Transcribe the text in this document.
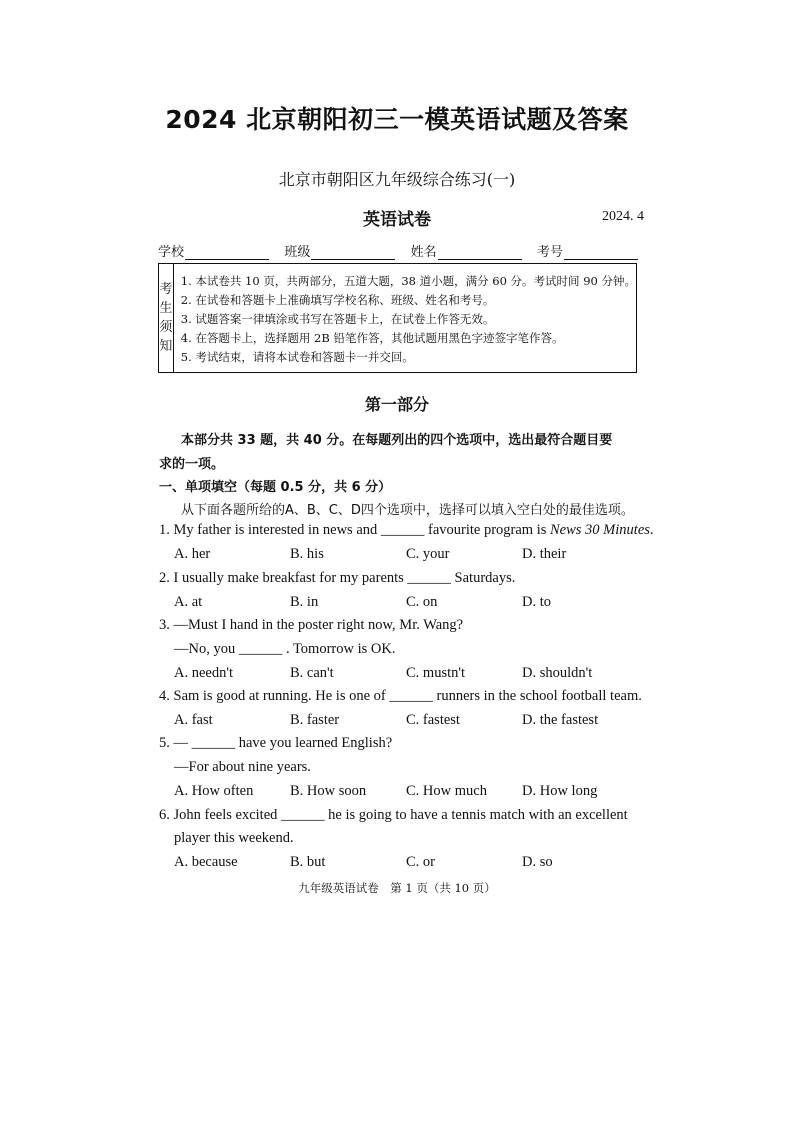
2024 北京朝阳初三一模英语试题及答案
北京市朝阳区九年级综合练习(一)
英语试卷	2024. 4
学校	班级	姓名	考号
考
生
须
知
1. 本试卷共 10 页，共两部分，五道大题，38 道小题，满分 60 分。考试时间 90 分钟。
2. 在试卷和答题卡上准确填写学校名称、班级、姓名和考号。
3. 试题答案一律填涂或书写在答题卡上，在试卷上作答无效。
4. 在答题卡上，选择题用 2B 铅笔作答，其他试题用黑色字迹签字笔作答。
5. 考试结束，请将本试卷和答题卡一并交回。
第一部分
本部分共 33 题，共 40 分。在每题列出的四个选项中，选出最符合题目要
求的一项。
一、单项填空（每题 0.5 分，共 6 分）
从下面各题所给的A、B、C、D四个选项中，选择可以填入空白处的最佳选项。
1. My father is interested in news and ______ favourite program is News 30 Minutes.
A. her	B. his	C. your	D. their
2. I usually make breakfast for my parents ______ Saturdays.
A. at	B. in	C. on	D. to
3. —Must I hand in the poster right now, Mr. Wang?
—No, you ______ . Tomorrow is OK.
A. needn't	B. can't	C. mustn't	D. shouldn't
4. Sam is good at running. He is one of ______ runners in the school football team.
A. fast	B. faster	C. fastest	D. the fastest
5. — ______ have you learned English?
—For about nine years.
A. How often	B. How soon	C. How much D. How long
6. John feels excited ______ he is going to have a tennis match with an excellent
player this weekend.
A. because	B. but	C. or	D. so
九年级英语试卷　第 1 页（共 10 页）
